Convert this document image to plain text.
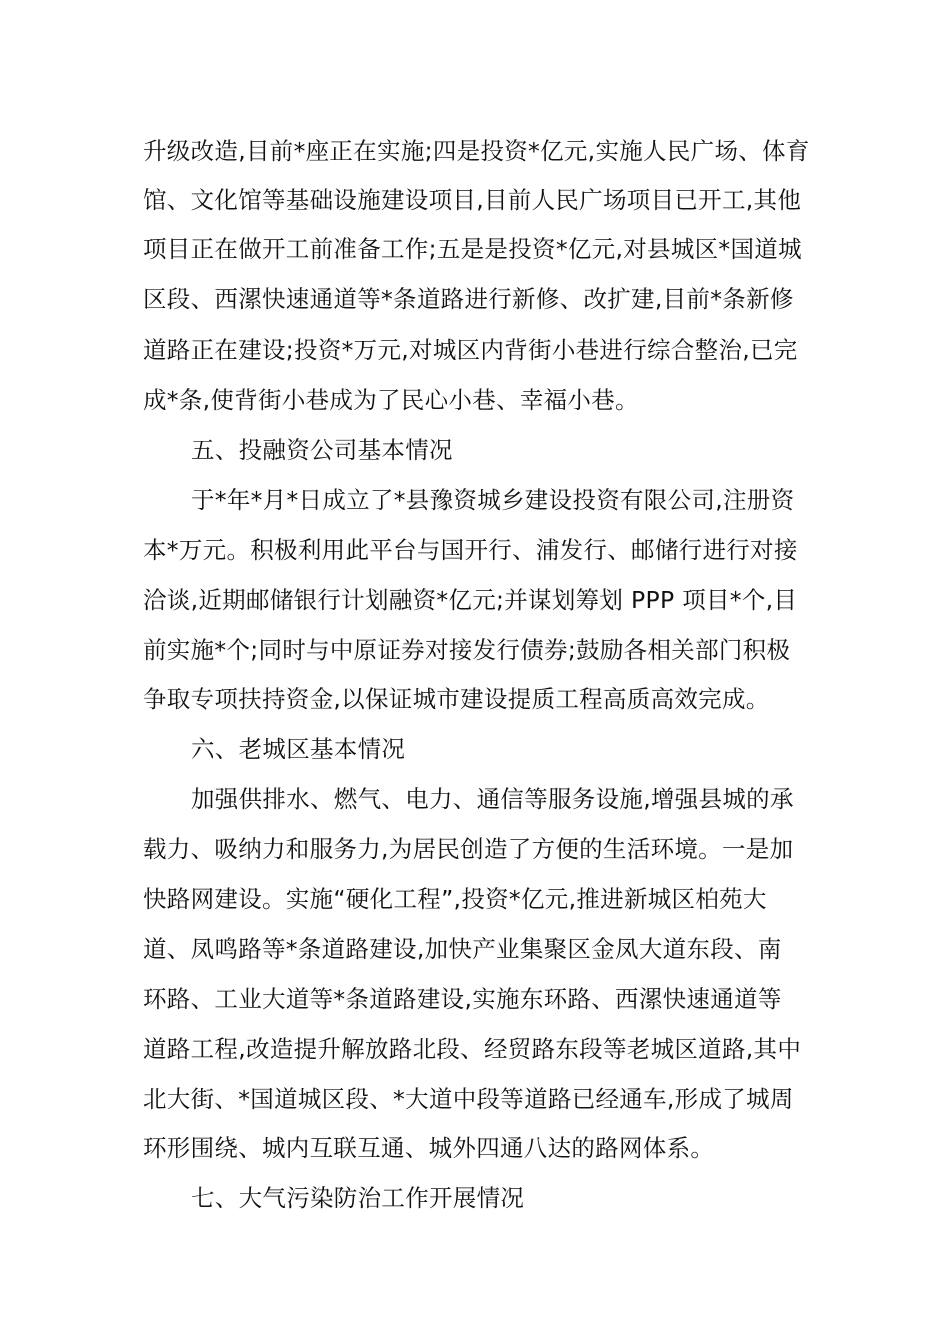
升级改造,目前*座正在实施;四是投资*亿元,实施人民广场、体育
馆、文化馆等基础设施建设项目,目前人民广场项目已开工,其他
项目正在做开工前准备工作;五是是投资*亿元,对县城区*国道城
区段、西漯快速通道等*条道路进行新修、改扩建,目前*条新修
道路正在建设;投资*万元,对城区内背街小巷进行综合整治,已完
成*条,使背街小巷成为了民心小巷、幸福小巷。
五、投融资公司基本情况
于*年*月*日成立了*县豫资城乡建设投资有限公司,注册资
本*万元。积极利用此平台与国开行、浦发行、邮储行进行对接
洽谈,近期邮储银行计划融资*亿元;并谋划筹划 PPP 项目*个,目
前实施*个;同时与中原证券对接发行债券;鼓励各相关部门积极
争取专项扶持资金,以保证城市建设提质工程高质高效完成。
六、老城区基本情况
加强供排水、燃气、电力、通信等服务设施,增强县城的承
载力、吸纳力和服务力,为居民创造了方便的生活环境。一是加
快路网建设。实施“硬化工程”,投资*亿元,推进新城区柏苑大
道、凤鸣路等*条道路建设,加快产业集聚区金凤大道东段、南
环路、工业大道等*条道路建设,实施东环路、西漯快速通道等
道路工程,改造提升解放路北段、经贸路东段等老城区道路,其中
北大街、*国道城区段、*大道中段等道路已经通车,形成了城周
环形围绕、城内互联互通、城外四通八达的路网体系。
七、大气污染防治工作开展情况
